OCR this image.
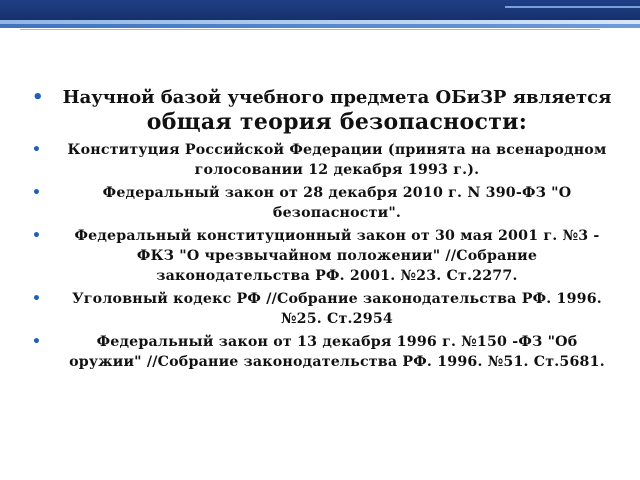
• Научной базой учебного предмета ОБиЗР является общая теория безопасности:
• Конституция Российской Федерации (принята на всенародном голосовании 12 декабря 1993 г.).
•	Федеральный закон от 28 декабря 2010 г. N 390-ФЗ "О безопасности".
• Федеральный конституционный закон от 30 мая 2001 г. №3 - ФКЗ "О чрезвычайном положении" //Собрание законодательства РФ. 2001. №23. Ст.2277.
• Уголовный кодекс РФ //Собрание законодательства РФ. 1996. №25. Ст.2954
•	Федеральный закон от 13 декабря 1996 г. №150 -ФЗ "Об оружии" //Собрание законодательства РФ. 1996. №51. Ст.5681.
